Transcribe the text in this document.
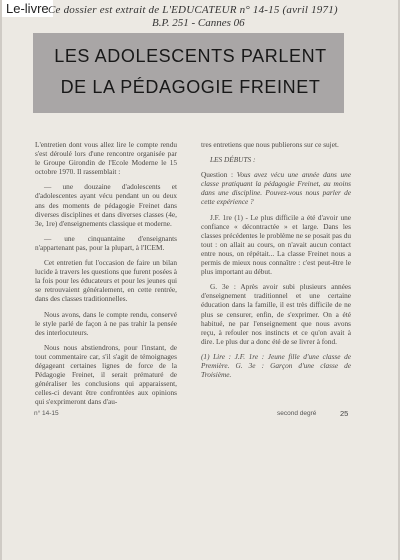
Le-livre Ce dossier est extrait de L'EDUCATEUR n° 14-15 (avril 1971)
B.P. 251 - Cannes 06
LES ADOLESCENTS PARLENT
DE LA PÉDAGOGIE FREINET

L'entretien dont vous allez lire le compte rendu s'est déroulé lors d'une rencontre organisée par le Groupe Girondin de l'Ecole Moderne le 15 octobre 1970. Il rassemblait :

— une douzaine d'adolescents et d'adolescentes ayant vécu pendant un ou deux ans des moments de pédagogie Freinet dans diverses disciplines et dans diverses classes (4e, 3e, 1re) d'enseignements classique et moderne.

— une cinquantaine d'enseignants n'appartenant pas, pour la plupart, à l'ICEM.

Cet entretien fut l'occasion de faire un bilan lucide à travers les questions que furent posées à la fois pour les éducateurs et pour les jeunes qui se retrouvaient généralement, en cette rentrée, dans des classes traditionnelles.

Nous avons, dans le compte rendu, conservé le style parlé de façon à ne pas trahir la pensée des interlocuteurs.

Nous nous abstiendrons, pour l'instant, de tout commentaire car, s'il s'agit de témoignages dégageant certaines lignes de force de la Pédagogie Freinet, il serait prématuré de généraliser les conclusions qui apparaissent, celles-ci devant être confrontées aux opinions qui s'exprimeront dans d'au-

tres entretiens que nous publierons sur ce sujet.

LES DÉBUTS :

Question : Vous avez vécu une année dans une classe pratiquant la pédagogie Freinet, au moins dans une discipline. Pouvez-vous nous parler de cette expérience ?

J.F. 1re (1) - Le plus difficile a été d'avoir une confiance « décontractée » et large. Dans les classes précédentes le problème ne se posait pas du tout : on allait au cours, on n'avait aucun contact entre nous, on répétait... La classe Freinet nous a permis de mieux nous connaître : c'est peut-être le plus important au début.

G. 3e : Après avoir subi plusieurs années d'enseignement traditionnel et une certaine éducation dans la famille, il est très difficile de ne plus se censurer, enfin, de s'exprimer. On a été habitué, ne par l'enseignement que nous avons reçu, à refouler nos instincts et ce qu'on avait à dire. Le plus dur a donc été de se livrer à fond.

(1) Lire : J.F. 1re : Jeune fille d'une classe de Première. G. 3e : Garçon d'une classe de Troisième.

n° 14-15	second degré	25
